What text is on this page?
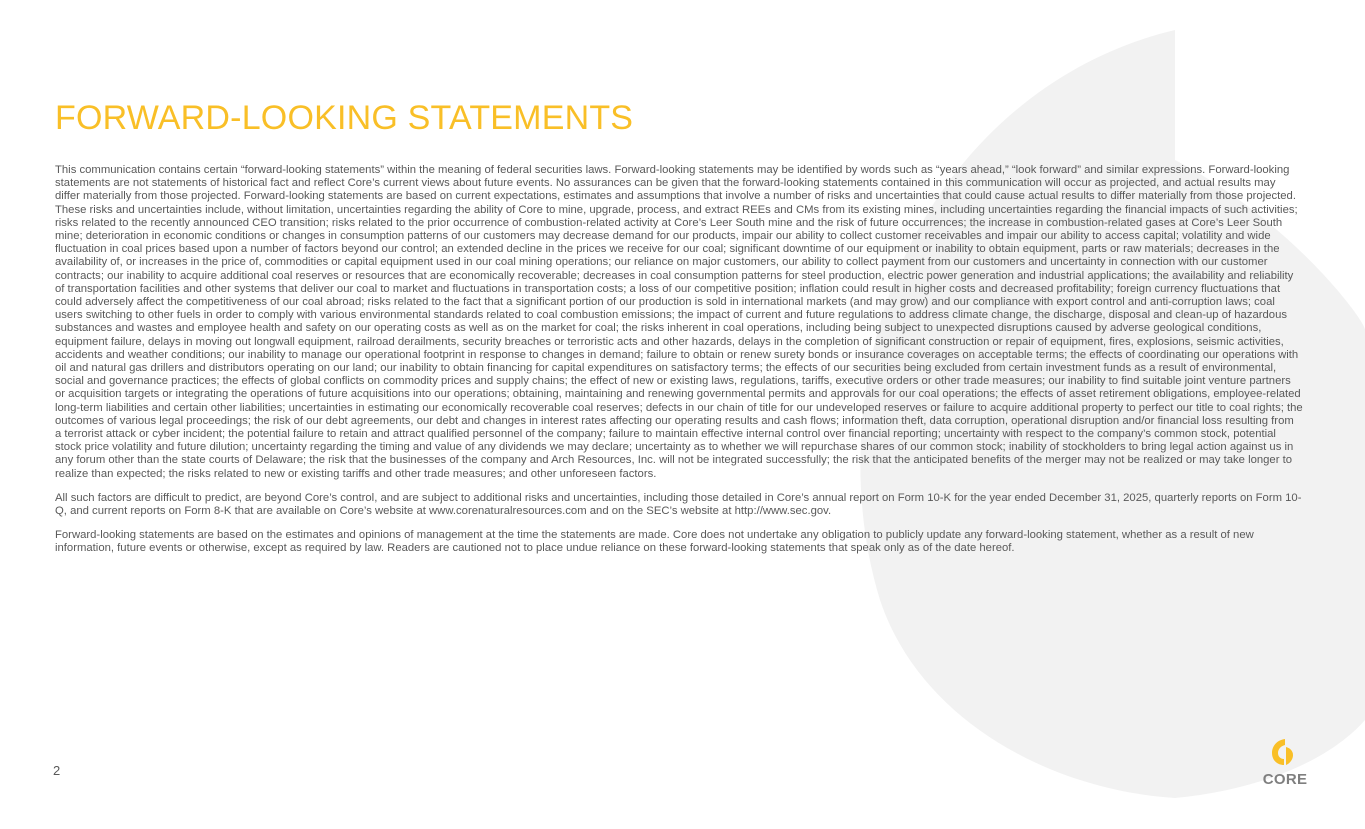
FORWARD-LOOKING STATEMENTS

This communication contains certain “forward-looking statements” within the meaning of federal securities laws. Forward-looking statements may be identified by words such as “years ahead,” “look forward” and similar expressions. Forward-looking statements are not statements of historical fact and reflect Core’s current views about future events. No assurances can be given that the forward-looking statements contained in this communication will occur as projected, and actual results may differ materially from those projected. Forward-looking statements are based on current expectations, estimates and assumptions that involve a number of risks and uncertainties that could cause actual results to differ materially from those projected. These risks and uncertainties include, without limitation, uncertainties regarding the ability of Core to mine, upgrade, process, and extract REEs and CMs from its existing mines, including uncertainties regarding the financial impacts of such activities; risks related to the recently announced CEO transition; risks related to the prior occurrence of combustion-related activity at Core’s Leer South mine and the risk of future occurrences; the increase in combustion-related gases at Core’s Leer South mine; deterioration in economic conditions or changes in consumption patterns of our customers may decrease demand for our products, impair our ability to collect customer receivables and impair our ability to access capital; volatility and wide fluctuation in coal prices based upon a number of factors beyond our control; an extended decline in the prices we receive for our coal; significant downtime of our equipment or inability to obtain equipment, parts or raw materials; decreases in the availability of, or increases in the price of, commodities or capital equipment used in our coal mining operations; our reliance on major customers, our ability to collect payment from our customers and uncertainty in connection with our customer contracts; our inability to acquire additional coal reserves or resources that are economically recoverable; decreases in coal consumption patterns for steel production, electric power generation and industrial applications; the availability and reliability of transportation facilities and other systems that deliver our coal to market and fluctuations in transportation costs; a loss of our competitive position; inflation could result in higher costs and decreased profitability; foreign currency fluctuations that could adversely affect the competitiveness of our coal abroad; risks related to the fact that a significant portion of our production is sold in international markets (and may grow) and our compliance with export control and anti-corruption laws; coal users switching to other fuels in order to comply with various environmental standards related to coal combustion emissions; the impact of current and future regulations to address climate change, the discharge, disposal and clean-up of hazardous substances and wastes and employee health and safety on our operating costs as well as on the market for coal; the risks inherent in coal operations, including being subject to unexpected disruptions caused by adverse geological conditions, equipment failure, delays in moving out longwall equipment, railroad derailments, security breaches or terroristic acts and other hazards, delays in the completion of significant construction or repair of equipment, fires, explosions, seismic activities, accidents and weather conditions; our inability to manage our operational footprint in response to changes in demand; failure to obtain or renew surety bonds or insurance coverages on acceptable terms; the effects of coordinating our operations with oil and natural gas drillers and distributors operating on our land; our inability to obtain financing for capital expenditures on satisfactory terms; the effects of our securities being excluded from certain investment funds as a result of environmental, social and governance practices; the effects of global conflicts on commodity prices and supply chains; the effect of new or existing laws, regulations, tariffs, executive orders or other trade measures; our inability to find suitable joint venture partners or acquisition targets or integrating the operations of future acquisitions into our operations; obtaining, maintaining and renewing governmental permits and approvals for our coal operations; the effects of asset retirement obligations, employee-related long-term liabilities and certain other liabilities; uncertainties in estimating our economically recoverable coal reserves; defects in our chain of title for our undeveloped reserves or failure to acquire additional property to perfect our title to coal rights; the outcomes of various legal proceedings; the risk of our debt agreements, our debt and changes in interest rates affecting our operating results and cash flows; information theft, data corruption, operational disruption and/or financial loss resulting from a terrorist attack or cyber incident; the potential failure to retain and attract qualified personnel of the company; failure to maintain effective internal control over financial reporting; uncertainty with respect to the company’s common stock, potential stock price volatility and future dilution; uncertainty regarding the timing and value of any dividends we may declare; uncertainty as to whether we will repurchase shares of our common stock; inability of stockholders to bring legal action against us in any forum other than the state courts of Delaware; the risk that the businesses of the company and Arch Resources, Inc. will not be integrated successfully; the risk that the anticipated benefits of the merger may not be realized or may take longer to realize than expected; the risks related to new or existing tariffs and other trade measures; and other unforeseen factors.

All such factors are difficult to predict, are beyond Core’s control, and are subject to additional risks and uncertainties, including those detailed in Core’s annual report on Form 10-K for the year ended December 31, 2025, quarterly reports on Form 10-Q, and current reports on Form 8-K that are available on Core’s website at www.corenaturalresources.com and on the SEC’s website at http://www.sec.gov.

Forward-looking statements are based on the estimates and opinions of management at the time the statements are made. Core does not undertake any obligation to publicly update any forward-looking statement, whether as a result of new information, future events or otherwise, except as required by law. Readers are cautioned not to place undue reliance on these forward-looking statements that speak only as of the date hereof.

2
CORE
